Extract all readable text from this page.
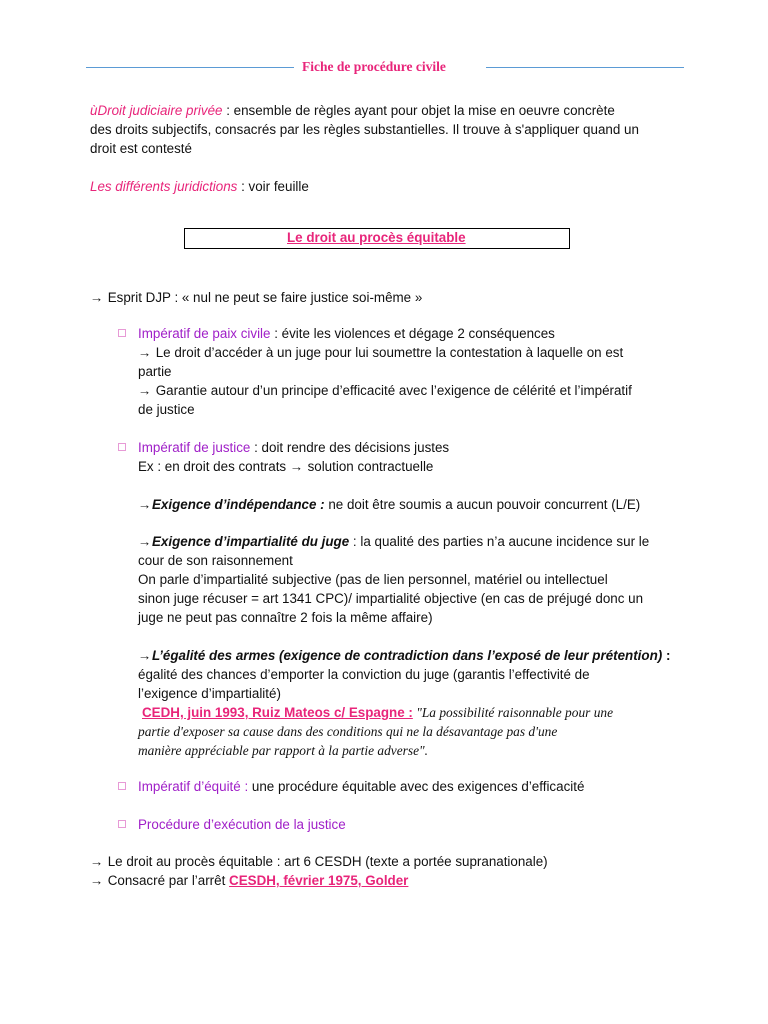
Fiche de procédure civile
ùDroit judiciaire privée : ensemble de règles ayant pour objet la mise en oeuvre concrète
des droits subjectifs, consacrés par les règles substantielles. Il trouve à s'appliquer quand un
droit est contesté
Les différents juridictions : voir feuille
Le droit au procès équitable
→ Esprit DJP : « nul ne peut se faire justice soi-même »
Impératif de paix civile : évite les violences et dégage 2 conséquences
→ Le droit d’accéder à un juge pour lui soumettre la contestation à laquelle on est
partie
→ Garantie autour d’un principe d’efficacité avec l’exigence de célérité et l’impératif
de justice
Impératif de justice : doit rendre des décisions justes
Ex : en droit des contrats → solution contractuelle
→Exigence d’indépendance : ne doit être soumis a aucun pouvoir concurrent (L/E)
→Exigence d’impartialité du juge : la qualité des parties n’a aucune incidence sur le
cour de son raisonnement
On parle d’impartialité subjective (pas de lien personnel, matériel ou intellectuel
sinon juge récuser = art 1341 CPC)/ impartialité objective (en cas de préjugé donc un
juge ne peut pas connaître 2 fois la même affaire)
→L’égalité des armes (exigence de contradiction dans l’exposé de leur prétention) :
égalité des chances d’emporter la conviction du juge (garantis l’effectivité de
l’exigence d’impartialité)
CEDH, juin 1993, Ruiz Mateos c/ Espagne : "La possibilité raisonnable pour une
partie d'exposer sa cause dans des conditions qui ne la désavantage pas d'une
manière appréciable par rapport à la partie adverse".
Impératif d’équité : une procédure équitable avec des exigences d’efficacité
Procédure d’exécution de la justice
→ Le droit au procès équitable : art 6 CESDH (texte a portée supranationale)
→ Consacré par l’arrêt CESDH, février 1975, Golder
